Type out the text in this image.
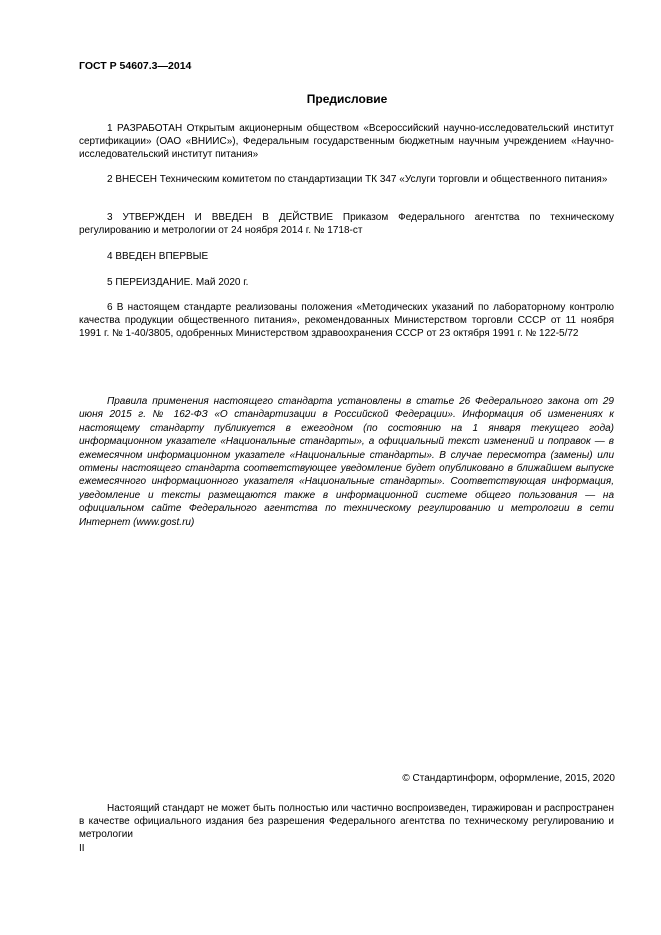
ГОСТ Р 54607.3—2014
Предисловие

1 РАЗРАБОТАН Открытым акционерным обществом «Всероссийский научно-исследовательский институт сертификации» (ОАО «ВНИИС»), Федеральным государственным бюджетным научным учреждением «Научно-исследовательский институт питания»

2 ВНЕСЕН Техническим комитетом по стандартизации ТК 347 «Услуги торговли и общественного питания»

3 УТВЕРЖДЕН И ВВЕДЕН В ДЕЙСТВИЕ Приказом Федерального агентства по техническому регулированию и метрологии от 24 ноября 2014 г. № 1718-ст

4 ВВЕДЕН ВПЕРВЫЕ

5 ПЕРЕИЗДАНИЕ. Май 2020 г.

6 В настоящем стандарте реализованы положения «Методических указаний по лабораторному контролю качества продукции общественного питания», рекомендованных Министерством торговли СССР от 11 ноября 1991 г. № 1-40/3805, одобренных Министерством здравоохранения СССР от 23 октября 1991 г. № 122-5/72

Правила применения настоящего стандарта установлены в статье 26 Федерального закона от 29 июня 2015 г. № 162-ФЗ «О стандартизации в Российской Федерации». Информация об изменениях к настоящему стандарту публикуется в ежегодном (по состоянию на 1 января текущего года) информационном указателе «Национальные стандарты», а официальный текст изменений и поправок — в ежемесячном информационном указателе «Национальные стандарты». В случае пересмотра (замены) или отмены настоящего стандарта соответствующее уведомление будет опубликовано в ближайшем выпуске ежемесячного информационного указателя «Национальные стандарты». Соответствующая информация, уведомление и тексты размещаются также в информационной системе общего пользования — на официальном сайте Федерального агентства по техническому регулированию и метрологии в сети Интернет (www.gost.ru)

© Стандартинформ, оформление, 2015, 2020

Настоящий стандарт не может быть полностью или частично воспроизведен, тиражирован и распространен в качестве официального издания без разрешения Федерального агентства по техническому регулированию и метрологии

II
